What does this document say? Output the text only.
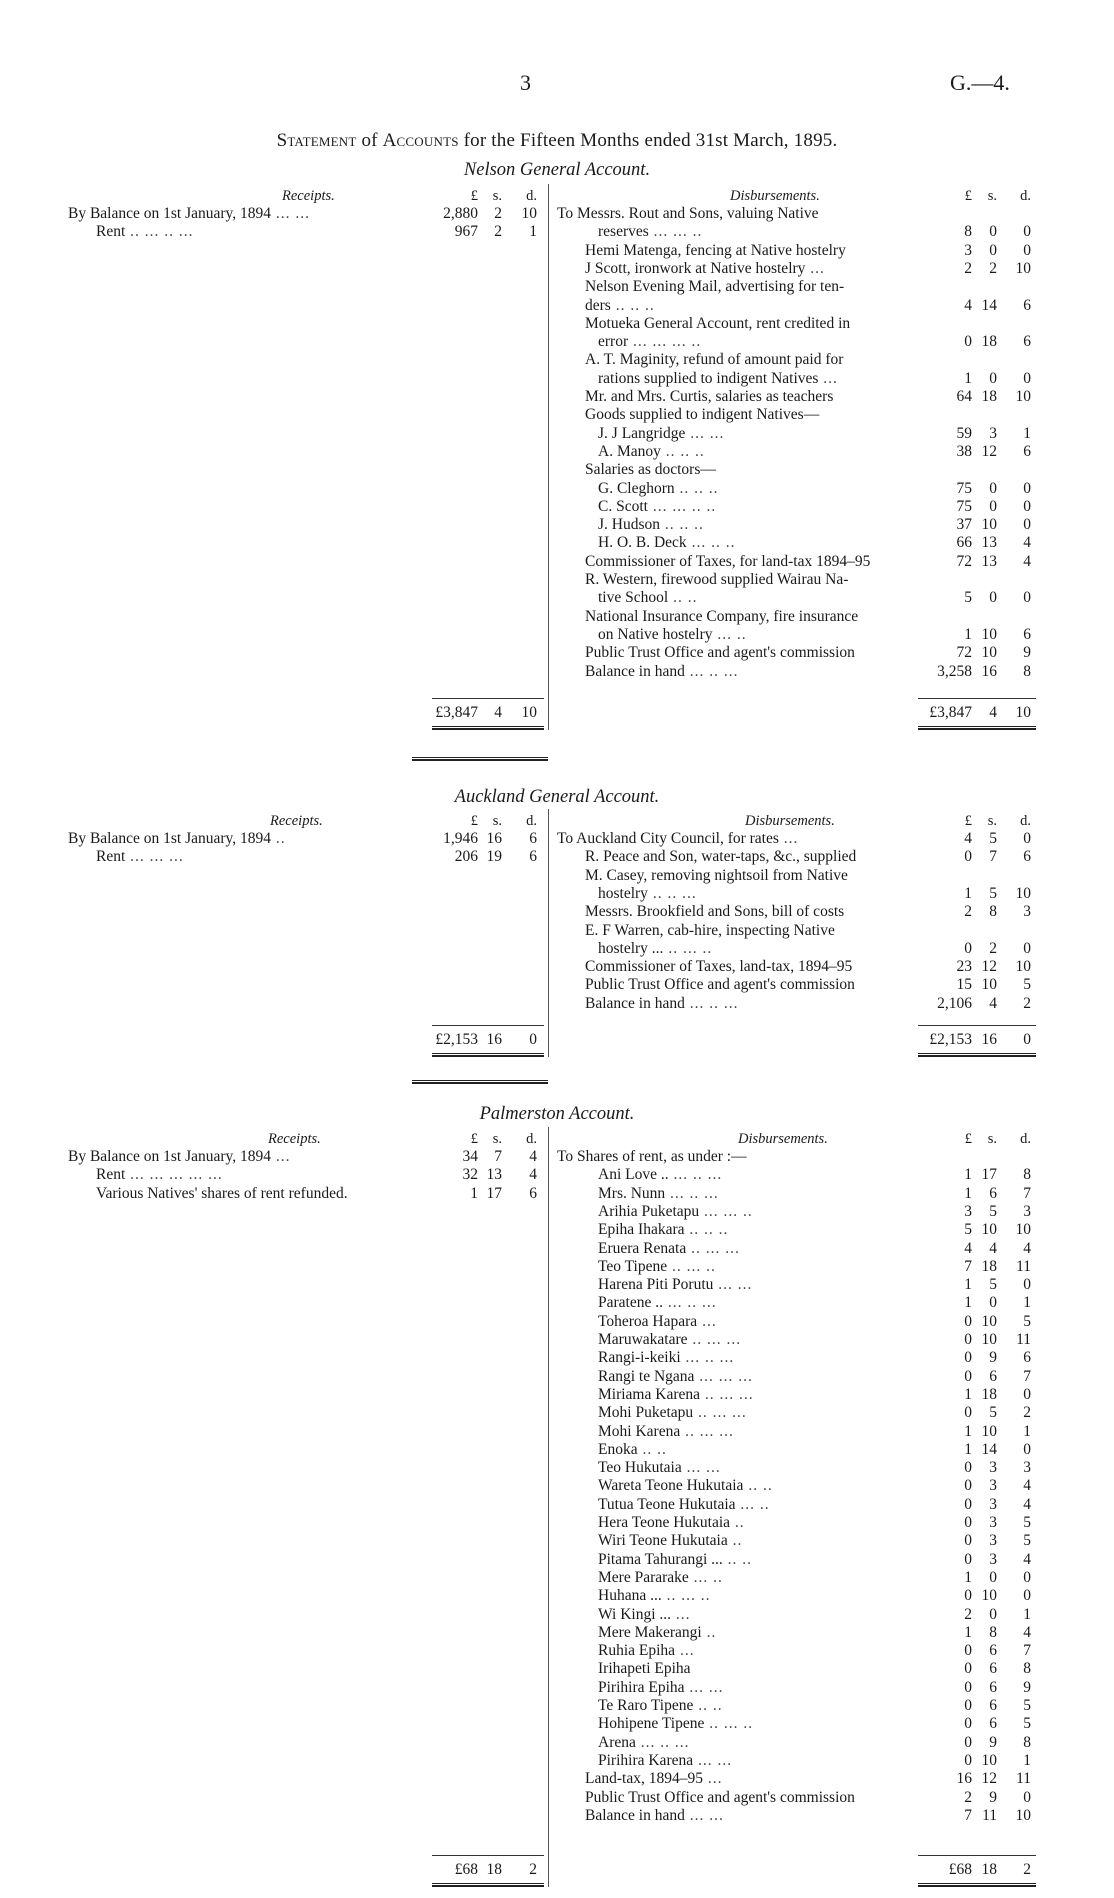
3	G.—4.
Statement of Accounts for the Fifteen Months ended 31st March, 1895.
Nelson General Account.
Receipts.	Disbursements.
£ s. d.	£ s. d.
By Balance on 1st January, 1894 ... ...	2,880 2 10
Rent .. ... .. ...	967 2 1
To Messrs. Rout and Sons, valuing Native
reserves ... ... ..	8 0 0
Hemi Matenga, fencing at Native hostelry	3 0 0
J Scott, ironwork at Native hostelry ...	2 2 10
Nelson Evening Mail, advertising for ten-
ders .. .. ..	4 14 6
Motueka General Account, rent credited in
error ... ... ... ..	0 18 6
A. T. Maginity, refund of amount paid for
rations supplied to indigent Natives ...	1 0 0
Mr. and Mrs. Curtis, salaries as teachers	64 18 10
Goods supplied to indigent Natives—
J. J Langridge ... ...	59 3 1
A. Manoy .. .. ..	38 12 6
Salaries as doctors—
G. Cleghorn .. .. ..	75 0 0
C. Scott ... ... .. ..	75 0 0
J. Hudson .. .. ..	37 10 0
H. O. B. Deck ... .. ..	66 13 4
Commissioner of Taxes, for land-tax 1894–95	72 13 4
R. Western, firewood supplied Wairau Na-
tive School .. ..	5 0 0
National Insurance Company, fire insurance
on Native hostelry ... ..	1 10 6
Public Trust Office and agent's commission	72 10 9
Balance in hand ... .. ...	3,258 16 8
£3,847 4 10	£3,847 4 10
Auckland General Account.
Receipts.	Disbursements.
£ s. d.	£ s. d.
By Balance on 1st January, 1894 ..	1,946 16 6
Rent ... ... ...	206 19 6
To Auckland City Council, for rates ...	4 5 0
R. Peace and Son, water-taps, &c., supplied	0 7 6
M. Casey, removing nightsoil from Native
hostelry .. .. ...	1 5 10
Messrs. Brookfield and Sons, bill of costs	2 8 3
E. F Warren, cab-hire, inspecting Native
hostelry ... .. ... ..	0 2 0
Commissioner of Taxes, land-tax, 1894–95	23 12 10
Public Trust Office and agent's commission	15 10 5
Balance in hand ... .. ...	2,106 4 2
£2,153 16 0	£2,153 16 0
Palmerston Account.
Receipts.	Disbursements.
£ s. d.	£ s. d.
By Balance on 1st January, 1894 ...	34 7 4
Rent ... ... ... ... ...	32 13 4
Various Natives' shares of rent refunded.	1 17 6
To Shares of rent, as under :—
Ani Love .. ... .. ...	1 17 8
Mrs. Nunn ... .. ...	1 6 7
Arihia Puketapu ... ... ..	3 5 3
Epiha Ihakara .. .. ..	5 10 10
Eruera Renata .. ... ...	4 4 4
Teo Tipene .. ... ..	7 18 11
Harena Piti Porutu ... ...	1 5 0
Paratene .. ... .. ...	1 0 1
Toheroa Hapara ...	0 10 5
Maruwakatare .. ... ...	0 10 11
Rangi-i-keiki ... .. ...	0 9 6
Rangi te Ngana ... ... ...	0 6 7
Miriama Karena .. ... ...	1 18 0
Mohi Puketapu .. ... ...	0 5 2
Mohi Karena .. ... ...	1 10 1
Enoka .. ..	1 14 0
Teo Hukutaia ... ...	0 3 3
Wareta Teone Hukutaia .. ..	0 3 4
Tutua Teone Hukutaia ... ..	0 3 4
Hera Teone Hukutaia ..	0 3 5
Wiri Teone Hukutaia ..	0 3 5
Pitama Tahurangi ... .. ..	0 3 4
Mere Pararake ... ..	1 0 0
Huhana ... .. ... ..	0 10 0
Wi Kingi ... ...	2 0 1
Mere Makerangi ..	1 8 4
Ruhia Epiha ...	0 6 7
Irihapeti Epiha	0 6 8
Pirihira Epiha ... ...	0 6 9
Te Raro Tipene .. ..	0 6 5
Hohipene Tipene .. ... ..	0 6 5
Arena ... .. ...	0 9 8
Pirihira Karena ... ...	0 10 1
Land-tax, 1894–95 ...	16 12 11
Public Trust Office and agent's commission	2 9 0
Balance in hand ... ...	7 11 10
£68 18 2	£68 18 2
